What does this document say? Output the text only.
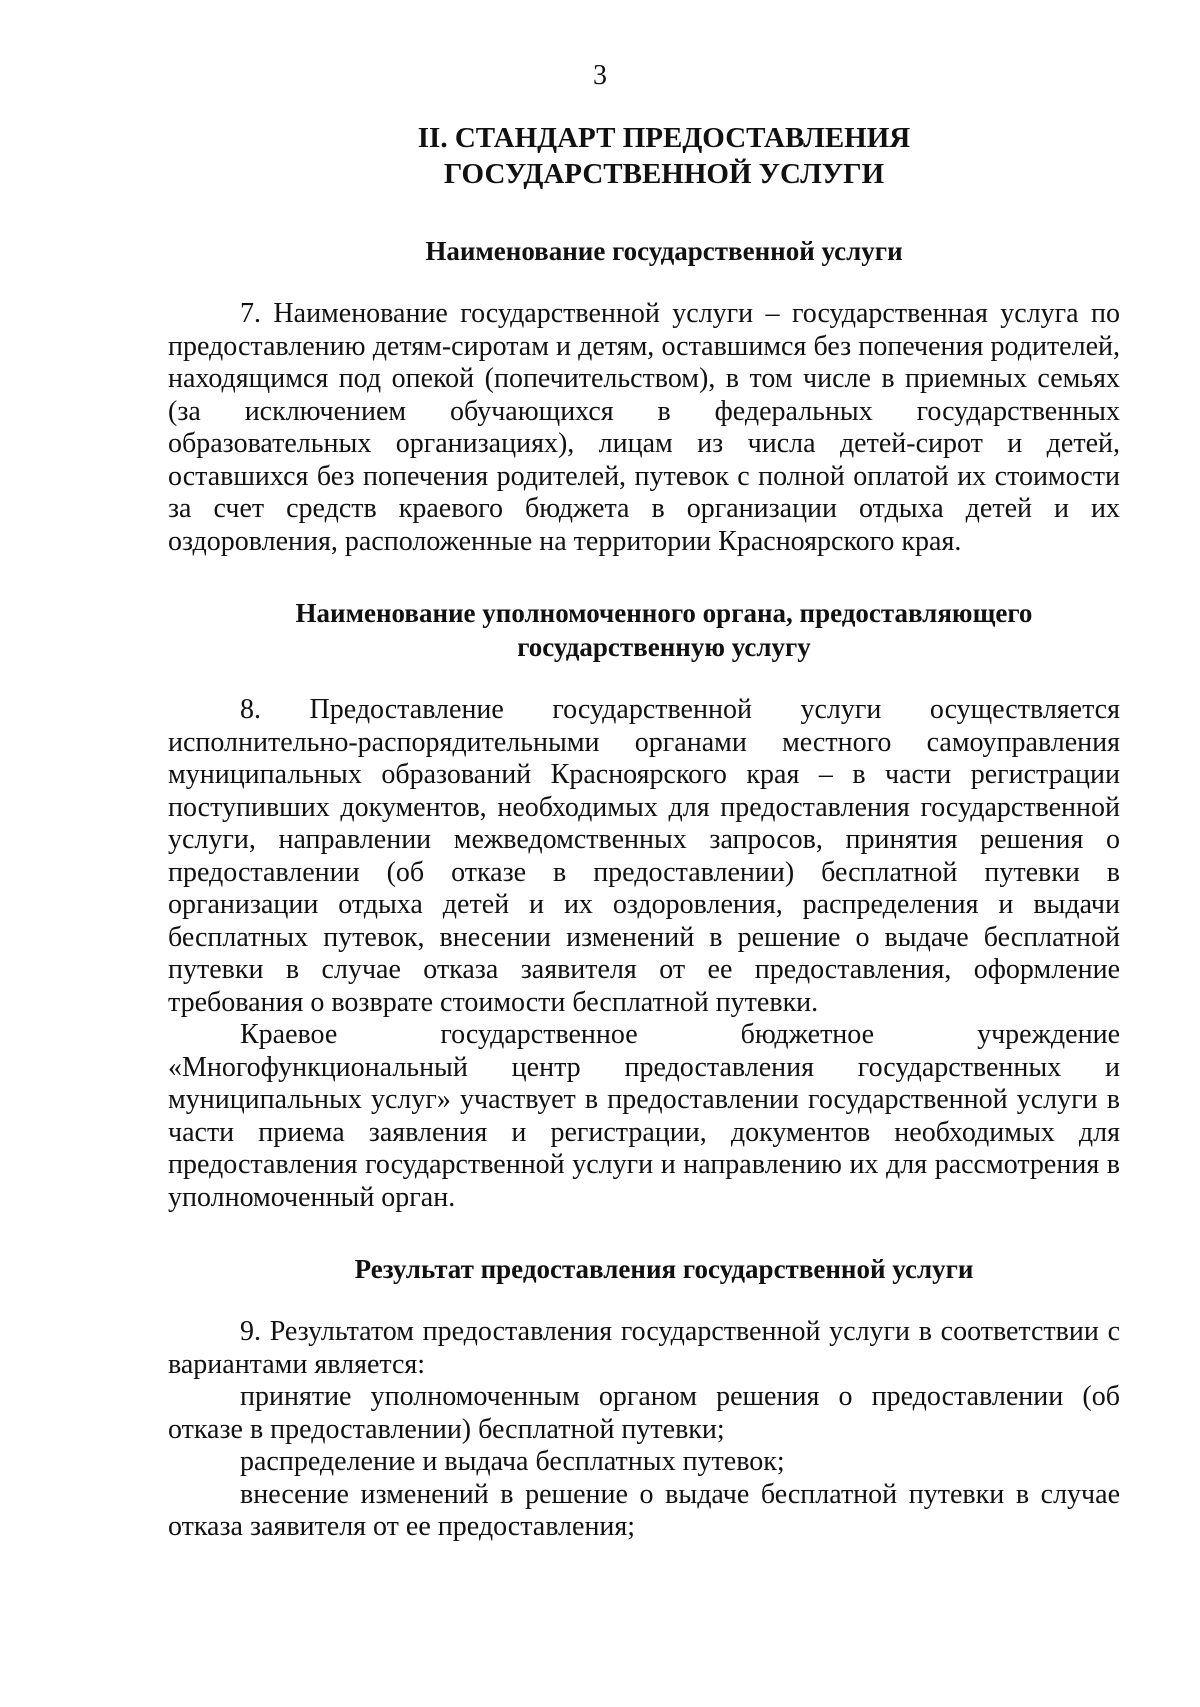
3
II. СТАНДАРТ ПРЕДОСТАВЛЕНИЯ
ГОСУДАРСТВЕННОЙ УСЛУГИ
Наименование государственной услуги

7. Наименование государственной услуги – государственная услуга по предоставлению детям-сиротам и детям, оставшимся без попечения родителей, находящимся под опекой (попечительством), в том числе в приемных семьях (за исключением обучающихся в федеральных государственных образовательных организациях), лицам из числа детей-сирот и детей, оставшихся без попечения родителей, путевок с полной оплатой их стоимости за счет средств краевого бюджета в организации отдыха детей и их оздоровления, расположенные на территории Красноярского края.

Наименование уполномоченного органа, предоставляющего
государственную услугу

8. Предоставление государственной услуги осуществляется исполнительно-распорядительными органами местного самоуправления муниципальных образований Красноярского края – в части регистрации поступивших документов, необходимых для предоставления государственной услуги, направлении межведомственных запросов, принятия решения о предоставлении (об отказе в предоставлении) бесплатной путевки в организации отдыха детей и их оздоровления, распределения и выдачи бесплатных путевок, внесении изменений в решение о выдаче бесплатной путевки в случае отказа заявителя от ее предоставления, оформление требования о возврате стоимости бесплатной путевки.

Краевое государственное бюджетное учреждение «Многофункциональный центр предоставления государственных и муниципальных услуг» участвует в предоставлении государственной услуги в части приема заявления и регистрации, документов необходимых для предоставления государственной услуги и направлению их для рассмотрения в уполномоченный орган.

Результат предоставления государственной услуги

9. Результатом предоставления государственной услуги в соответствии с вариантами является:

принятие уполномоченным органом решения о предоставлении (об отказе в предоставлении) бесплатной путевки;

распределение и выдача бесплатных путевок;

внесение изменений в решение о выдаче бесплатной путевки в случае отказа заявителя от ее предоставления;
